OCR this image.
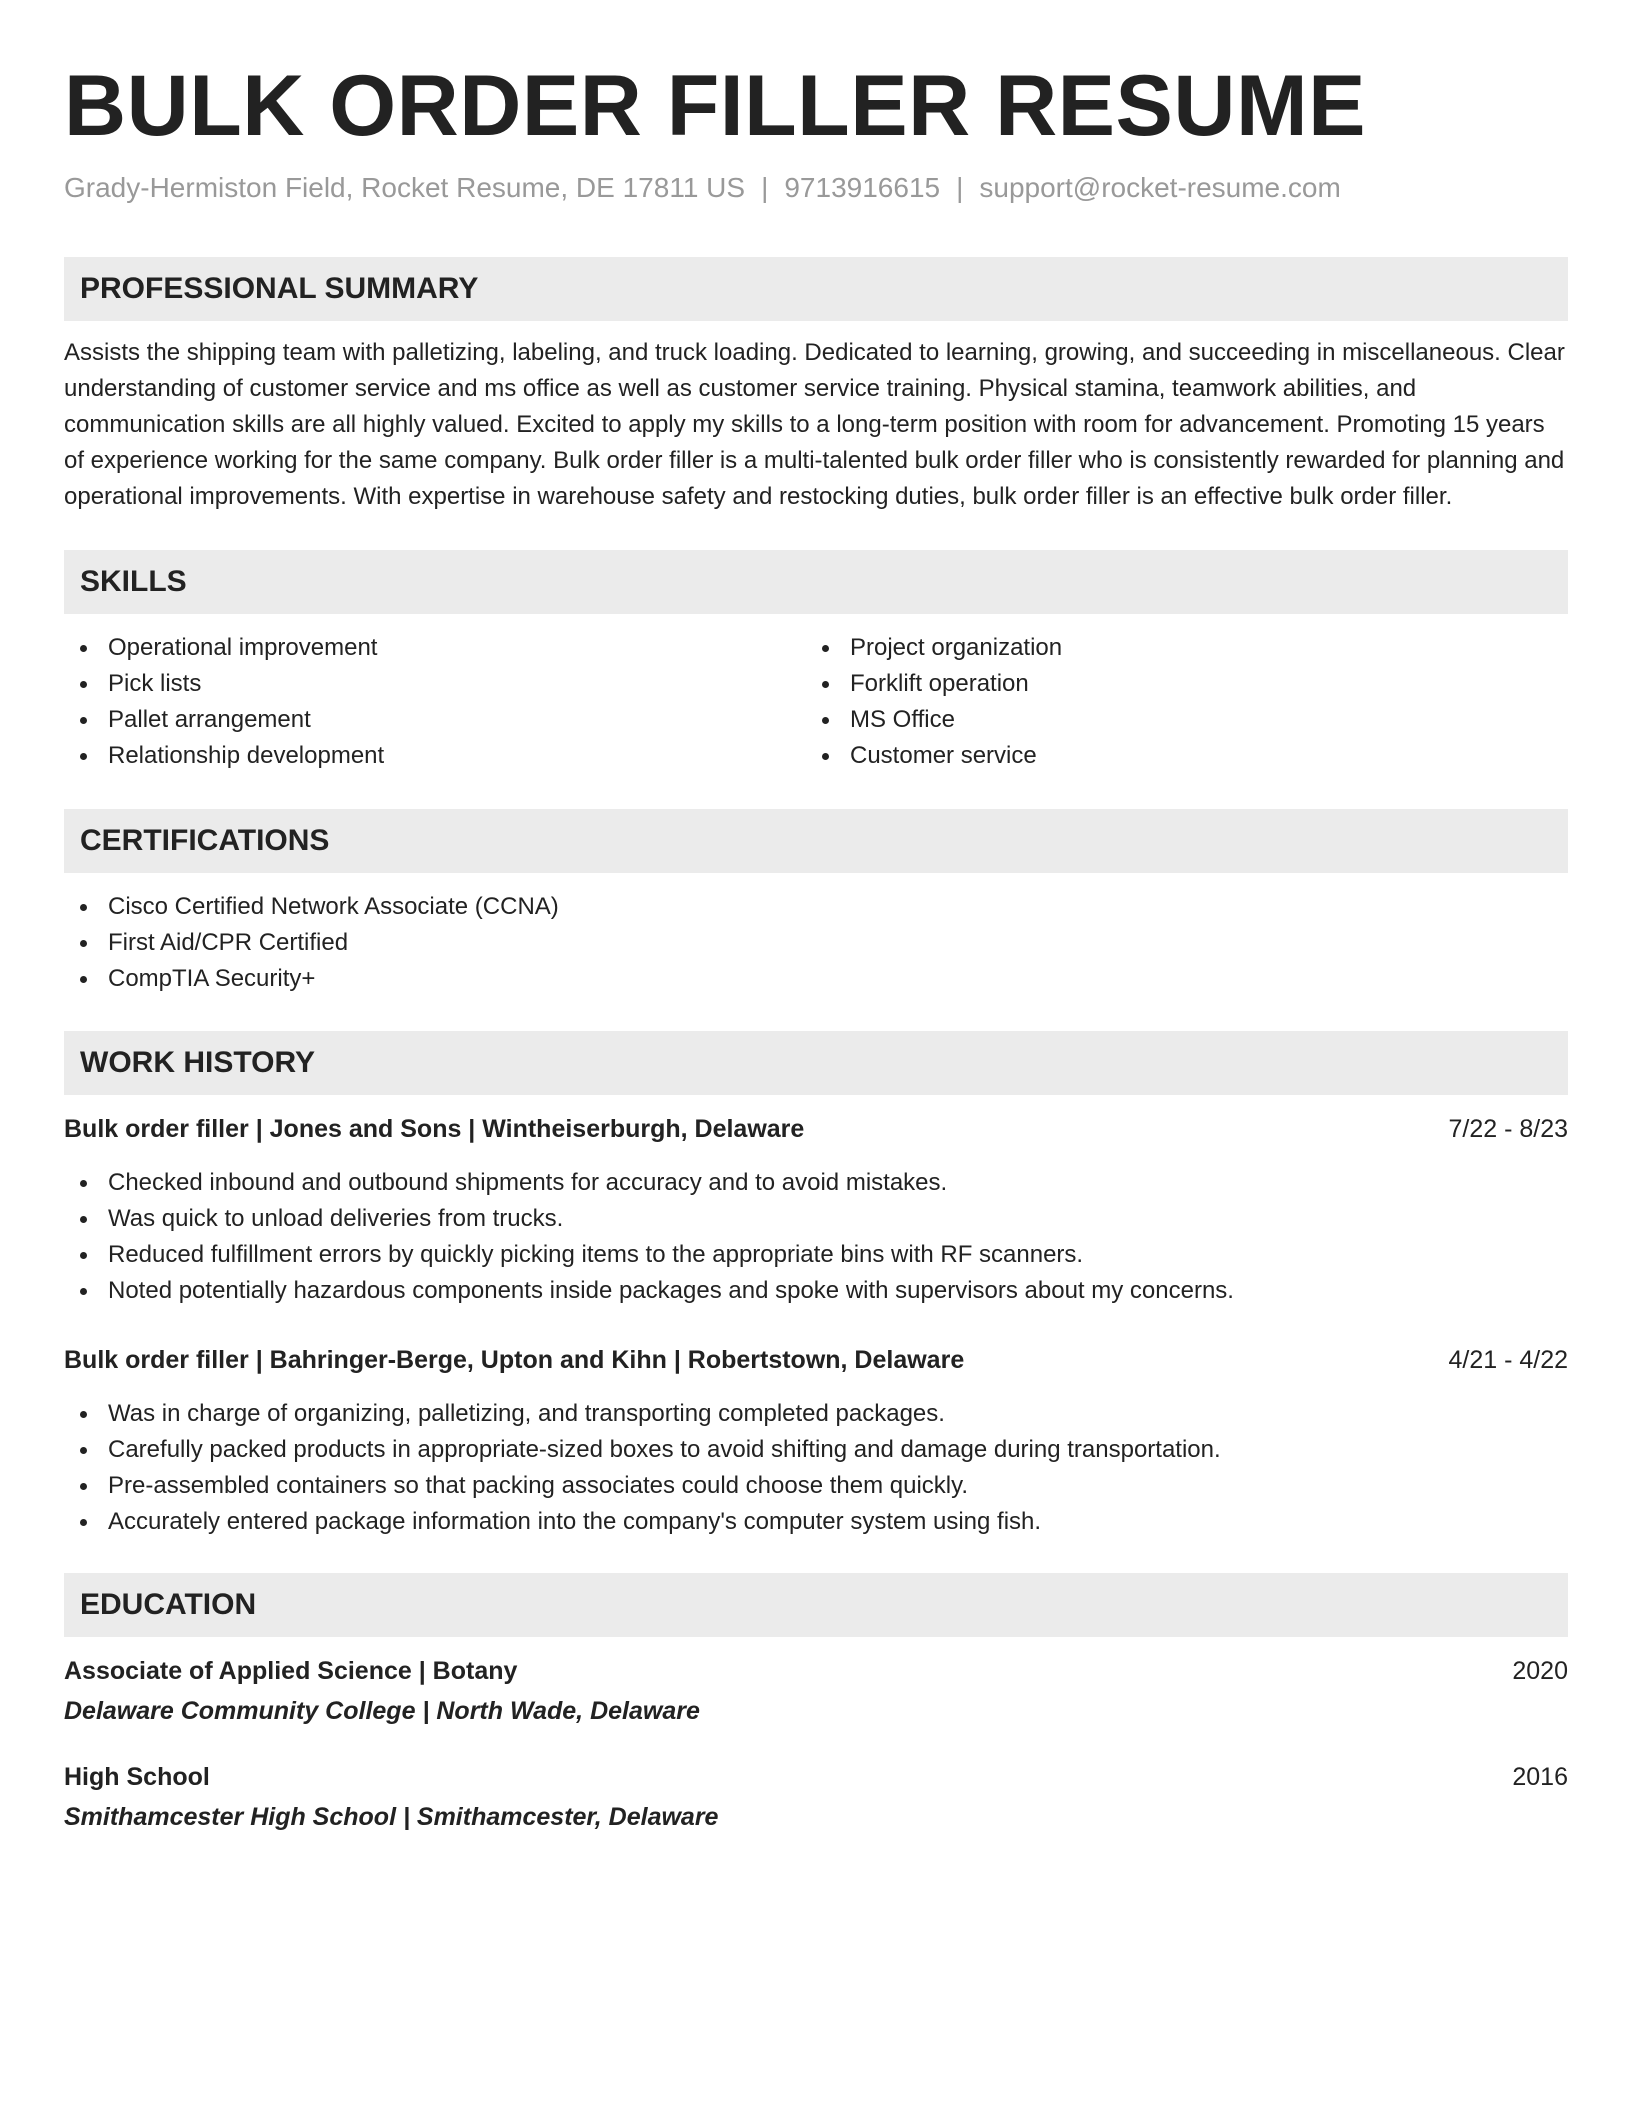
BULK ORDER FILLER RESUME
Grady-Hermiston Field, Rocket Resume, DE 17811 US | 9713916615 | support@rocket-resume.com
PROFESSIONAL SUMMARY

Assists the shipping team with palletizing, labeling, and truck loading. Dedicated to learning, growing, and succeeding in miscellaneous. Clear understanding of customer service and ms office as well as customer service training. Physical stamina, teamwork abilities, and communication skills are all highly valued. Excited to apply my skills to a long-term position with room for advancement. Promoting 15 years of experience working for the same company. Bulk order filler is a multi-talented bulk order filler who is consistently rewarded for planning and operational improvements. With expertise in warehouse safety and restocking duties, bulk order filler is an effective bulk order filler.

SKILLS
Operational improvement
Pick lists
Pallet arrangement
Relationship development
Project organization
Forklift operation
MS Office
Customer service
CERTIFICATIONS
Cisco Certified Network Associate (CCNA)
First Aid/CPR Certified
CompTIA Security+
WORK HISTORY
Bulk order filler | Jones and Sons | Wintheiserburgh, Delaware	7/22 - 8/23
Checked inbound and outbound shipments for accuracy and to avoid mistakes.
Was quick to unload deliveries from trucks.
Reduced fulfillment errors by quickly picking items to the appropriate bins with RF scanners.
Noted potentially hazardous components inside packages and spoke with supervisors about my concerns.
Bulk order filler | Bahringer-Berge, Upton and Kihn | Robertstown, Delaware	4/21 - 4/22
Was in charge of organizing, palletizing, and transporting completed packages.
Carefully packed products in appropriate-sized boxes to avoid shifting and damage during transportation.
Pre-assembled containers so that packing associates could choose them quickly.
Accurately entered package information into the company's computer system using fish.
EDUCATION
Associate of Applied Science | Botany	2020
Delaware Community College | North Wade, Delaware
High School	2016
Smithamcester High School | Smithamcester, Delaware
